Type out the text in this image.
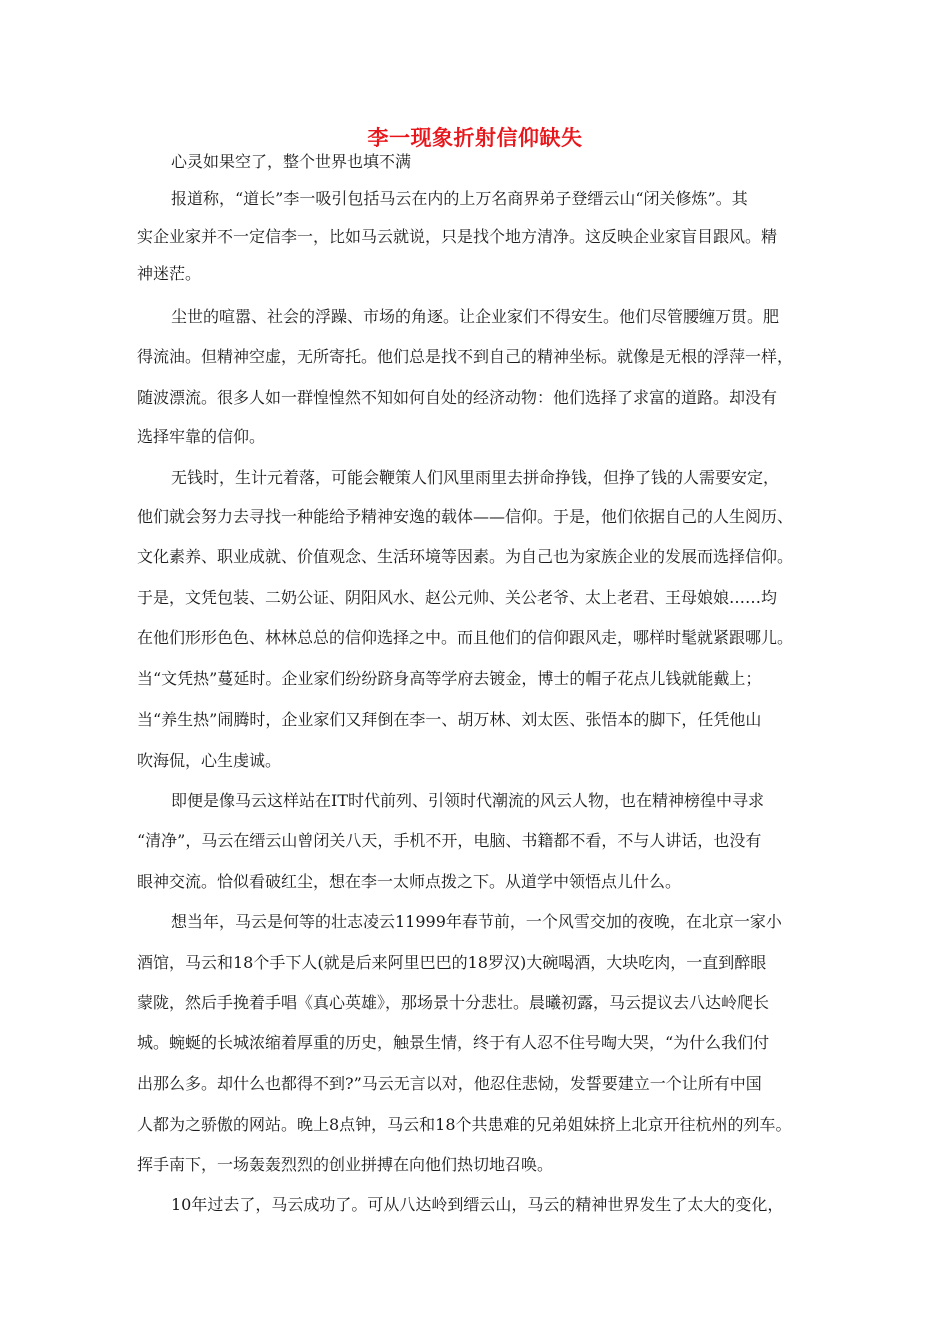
李一现象折射信仰缺失
心灵如果空了，整个世界也填不满
报道称，“道长”李一吸引包括马云在内的上万名商界弟子登缙云山“闭关修炼”。其
实企业家并不一定信李一，比如马云就说，只是找个地方清净。这反映企业家盲目跟风。精
神迷茫。
尘世的喧嚣、社会的浮躁、市场的角逐。让企业家们不得安生。他们尽管腰缠万贯。肥
得流油。但精神空虚，无所寄托。他们总是找不到自己的精神坐标。就像是无根的浮萍一样，
随波漂流。很多人如一群惶惶然不知如何自处的经济动物：他们选择了求富的道路。却没有
选择牢靠的信仰。
无钱时，生计元着落，可能会鞭策人们风里雨里去拼命挣钱，但挣了钱的人需要安定，
他们就会努力去寻找一种能给予精神安逸的载体——信仰。于是，他们依据自己的人生阅历、
文化素养、职业成就、价值观念、生活环境等因素。为自己也为家族企业的发展而选择信仰。
于是，文凭包装、二奶公证、阴阳风水、赵公元帅、关公老爷、太上老君、王母娘娘……均
在他们形形色色、林林总总的信仰选择之中。而且他们的信仰跟风走，哪样时髦就紧跟哪儿。
当“文凭热”蔓延时。企业家们纷纷跻身高等学府去镀金，博士的帽子花点儿钱就能戴上；
当“养生热”闹腾时，企业家们又拜倒在李一、胡万林、刘太医、张悟本的脚下，任凭他山
吹海侃，心生虔诚。
即便是像马云这样站在IT时代前列、引领时代潮流的风云人物，也在精神榜徨中寻求
“清净”，马云在缙云山曾闭关八天，手机不开，电脑、书籍都不看，不与人讲话，也没有
眼神交流。恰似看破红尘，想在李一太师点拨之下。从道学中领悟点儿什么。
想当年，马云是何等的壮志凌云11999年春节前，一个风雪交加的夜晚，在北京一家小
酒馆，马云和18个手下人(就是后来阿里巴巴的18罗汉)大碗喝酒，大块吃肉，一直到醉眼
蒙陇，然后手挽着手唱《真心英雄》，那场景十分悲壮。晨曦初露，马云提议去八达岭爬长
城。蜿蜒的长城浓缩着厚重的历史，触景生情，终于有人忍不住号啕大哭，“为什么我们付
出那么多。却什么也都得不到?”马云无言以对，他忍住悲恸，发誓要建立一个让所有中国
人都为之骄傲的网站。晚上8点钟，马云和18个共患难的兄弟姐妹挤上北京开往杭州的列车。
挥手南下，一场轰轰烈烈的创业拼搏在向他们热切地召唤。
10年过去了，马云成功了。可从八达岭到缙云山，马云的精神世界发生了太大的变化，
